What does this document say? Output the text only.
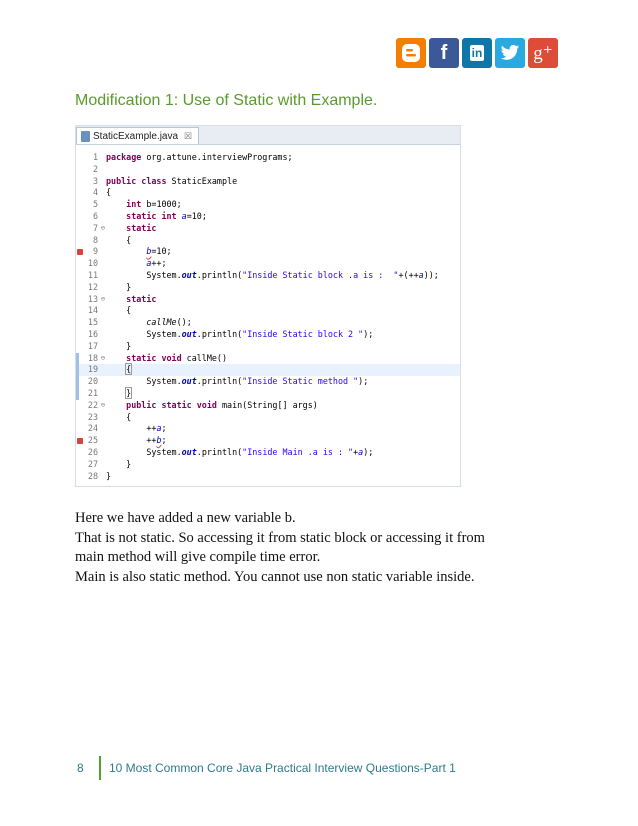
f in	g⁺
Modification 1: Use of Static with Example.
StaticExample.java ☒
1 package org.attune.interviewPrograms;
2
3 public class StaticExample
4 {
5	int b=1000;
6	static int a=10;
7 ⊖	static
8	{
9	b=10;
10	a++;
11	System.out.println("Inside Static block .a is :  "+(++a));
12	}
13 ⊖	static
14	{
15	callMe();
16	System.out.println("Inside Static block 2 ");
17	}
18 ⊖	static void callMe()
19	{
20	System.out.println("Inside Static method ");
21	}
22 ⊖	public static void main(String[] args)
23	{
24	++a;
25	++b;
26	System.out.println("Inside Main .a is : "+a);
27	}
28 }

Here we have added a new variable b.

That is not static. So accessing it from static block or accessing it from

main method will give compile time error.

Main is also static method. You cannot use non static variable inside.

8	10 Most Common Core Java Practical Interview Questions-Part 1
